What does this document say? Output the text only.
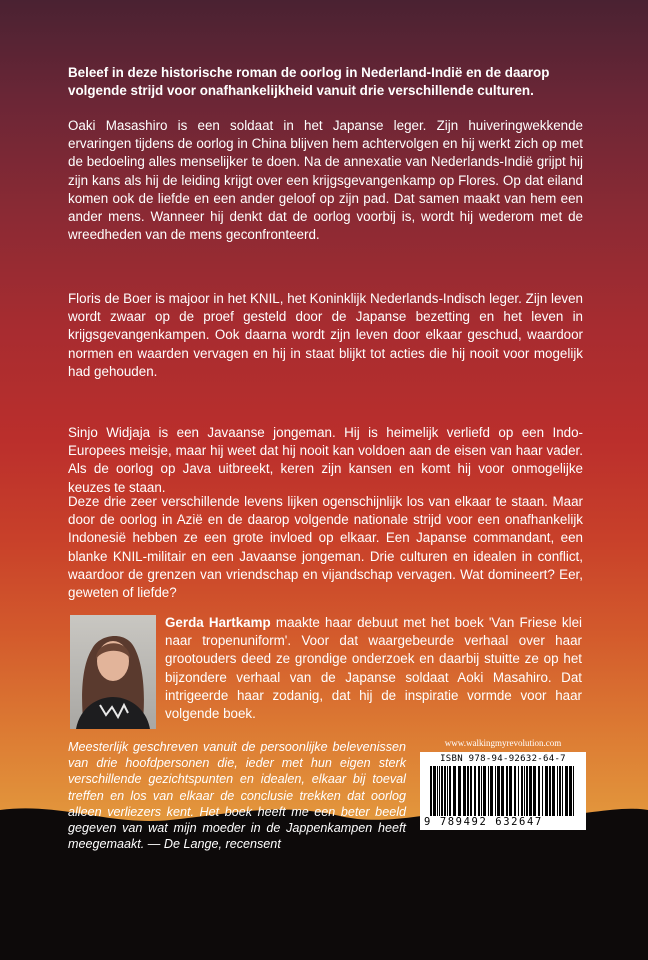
Beleef in deze historische roman de oorlog in Nederland-Indië en de daarop volgende strijd voor onafhankelijkheid vanuit drie verschillende culturen.

Oaki Masashiro is een soldaat in het Japanse leger. Zijn huiveringwekkende ervaringen tijdens de oorlog in China blijven hem achtervolgen en hij werkt zich op met de bedoeling alles menselijker te doen. Na de annexatie van Nederlands-Indië grijpt hij zijn kans als hij de leiding krijgt over een krijgsgevangenkamp op Flores. Op dat eiland komen ook de liefde en een ander geloof op zijn pad. Dat samen maakt van hem een ander mens. Wanneer hij denkt dat de oorlog voorbij is, wordt hij wederom met de wreedheden van de mens geconfronteerd.

Floris de Boer is majoor in het KNIL, het Koninklijk Nederlands-Indisch leger. Zijn leven wordt zwaar op de proef gesteld door de Japanse bezetting en het leven in krijgsgevangenkampen. Ook daarna wordt zijn leven door elkaar geschud, waardoor normen en waarden vervagen en hij in staat blijkt tot acties die hij nooit voor mogelijk had gehouden.

Sinjo Widjaja is een Javaanse jongeman. Hij is heimelijk verliefd op een Indo-Europees meisje, maar hij weet dat hij nooit kan voldoen aan de eisen van haar vader. Als de oorlog op Java uitbreekt, keren zijn kansen en komt hij voor onmogelijke keuzes te staan.

Deze drie zeer verschillende levens lijken ogenschijnlijk los van elkaar te staan. Maar door de oorlog in Azië en de daarop volgende nationale strijd voor een onafhankelijk Indonesië hebben ze een grote invloed op elkaar. Een Japanse commandant, een blanke KNIL-militair en een Javaanse jongeman. Drie culturen en idealen in conflict, waardoor de grenzen van vriendschap en vijandschap vervagen. Wat domineert? Eer, geweten of liefde?

Gerda Hartkamp maakte haar debuut met het boek 'Van Friese klei naar tropenuniform'. Voor dat waargebeurde verhaal over haar grootouders deed ze grondige onderzoek en daarbij stuitte ze op het bijzondere verhaal van de Japanse soldaat Aoki Masahiro. Dat intrigeerde haar zodanig, dat hij de inspiratie vormde voor haar volgende boek.
Meesterlijk geschreven vanuit de persoonlijke belevenissen van drie hoofdpersonen die, ieder met hun eigen sterk verschillende gezichtspunten en idealen, elkaar bij toeval treffen en los van elkaar de conclusie trekken dat oorlog alleen verliezers kent. Het boek heeft me een beter beeld gegeven van wat mijn moeder in de Jappenkampen heeft meegemaakt. — De Lange, recensent
www.walkingmyrevolution.com
ISBN 978-94-92632-64-7
9 789492 632647
